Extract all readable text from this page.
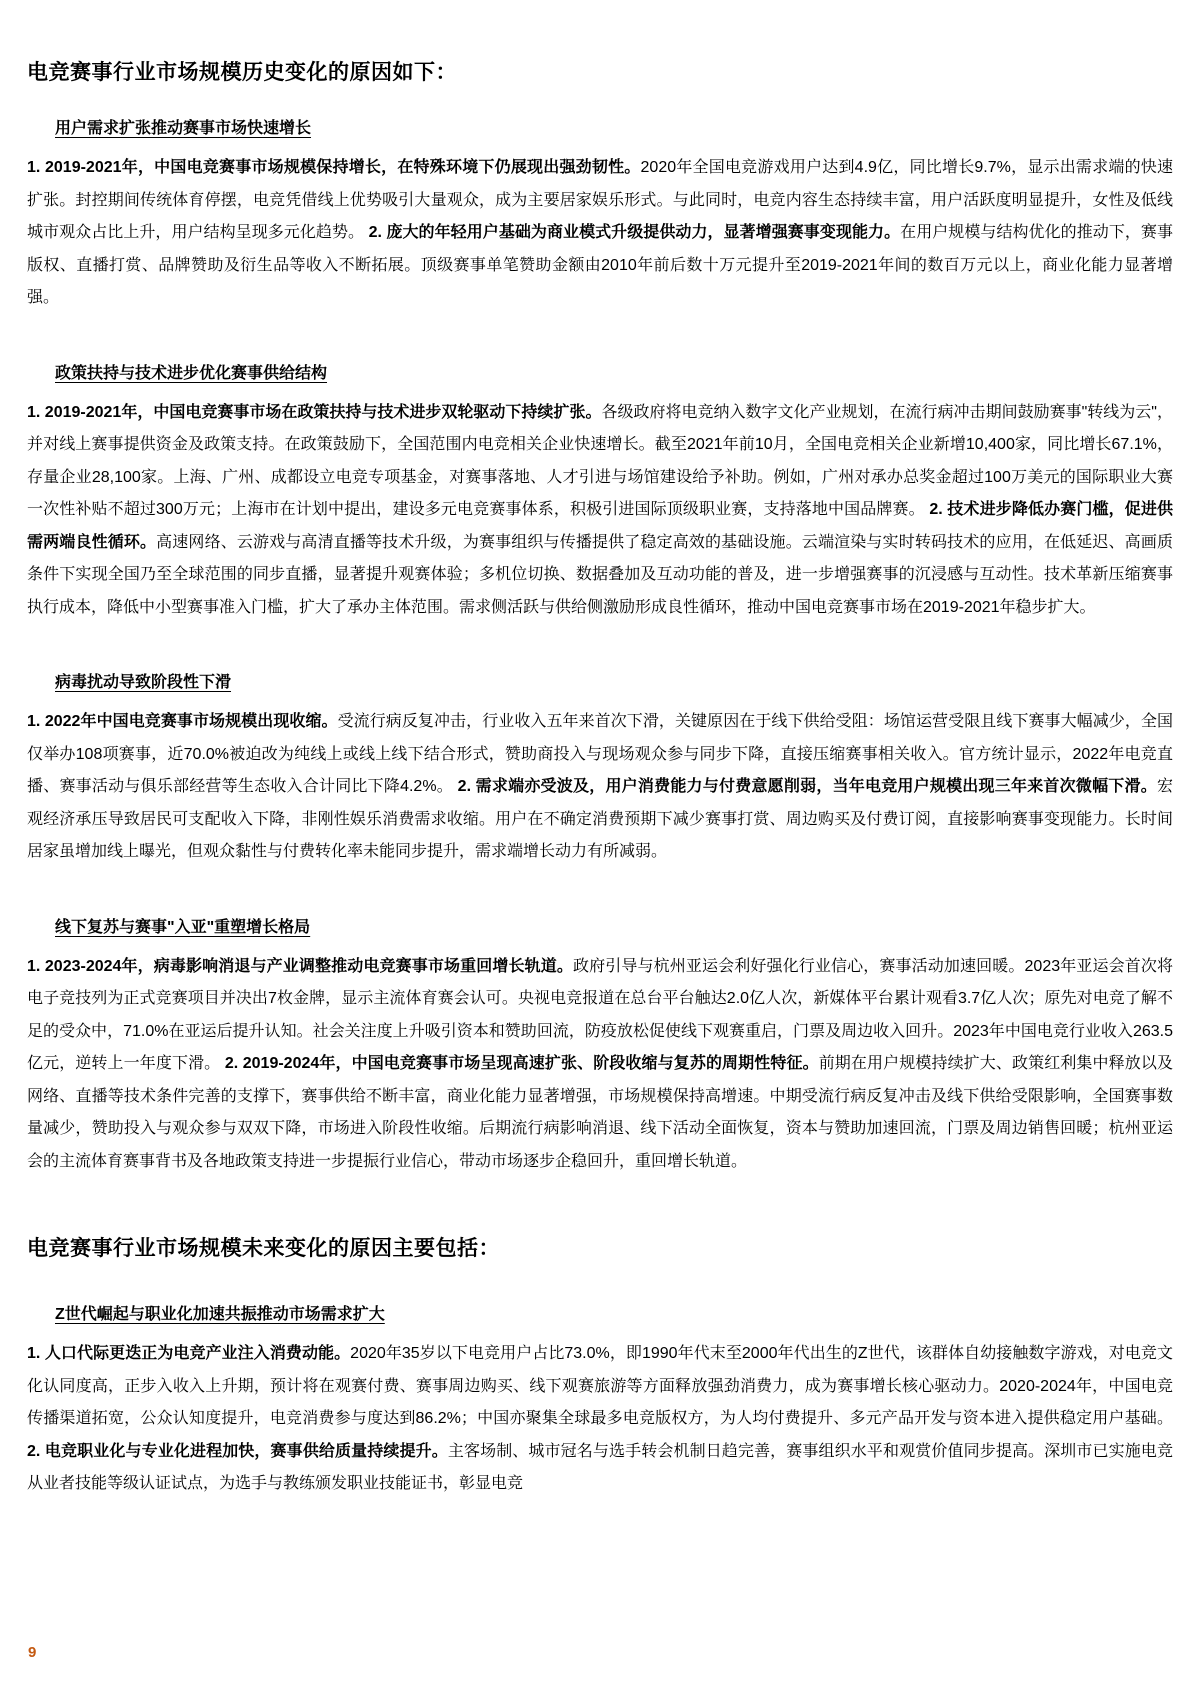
电竞赛事行业市场规模历史变化的原因如下：
用户需求扩张推动赛事市场快速增长

1. 2019-2021年，中国电竞赛事市场规模保持增长，在特殊环境下仍展现出强劲韧性。2020年全国电竞游戏用户达到4.9亿，同比增长9.7%，显示出需求端的快速扩张。封控期间传统体育停摆，电竞凭借线上优势吸引大量观众，成为主要居家娱乐形式。与此同时，电竞内容生态持续丰富，用户活跃度明显提升，女性及低线城市观众占比上升，用户结构呈现多元化趋势。 2. 庞大的年轻用户基础为商业模式升级提供动力，显著增强赛事变现能力。在用户规模与结构优化的推动下，赛事版权、直播打赏、品牌赞助及衍生品等收入不断拓展。顶级赛事单笔赞助金额由2010年前后数十万元提升至2019-2021年间的数百万元以上，商业化能力显著增强。

政策扶持与技术进步优化赛事供给结构

1. 2019-2021年，中国电竞赛事市场在政策扶持与技术进步双轮驱动下持续扩张。各级政府将电竞纳入数字文化产业规划，在流行病冲击期间鼓励赛事"转线为云"，并对线上赛事提供资金及政策支持。在政策鼓励下，全国范围内电竞相关企业快速增长。截至2021年前10月，全国电竞相关企业新增10,400家，同比增长67.1%，存量企业28,100家。上海、广州、成都设立电竞专项基金，对赛事落地、人才引进与场馆建设给予补助。例如，广州对承办总奖金超过100万美元的国际职业大赛一次性补贴不超过300万元；上海市在计划中提出，建设多元电竞赛事体系，积极引进国际顶级职业赛，支持落地中国品牌赛。 2. 技术进步降低办赛门槛，促进供需两端良性循环。高速网络、云游戏与高清直播等技术升级，为赛事组织与传播提供了稳定高效的基础设施。云端渲染与实时转码技术的应用，在低延迟、高画质条件下实现全国乃至全球范围的同步直播，显著提升观赛体验；多机位切换、数据叠加及互动功能的普及，进一步增强赛事的沉浸感与互动性。技术革新压缩赛事执行成本，降低中小型赛事准入门槛，扩大了承办主体范围。需求侧活跃与供给侧激励形成良性循环，推动中国电竞赛事市场在2019-2021年稳步扩大。

病毒扰动导致阶段性下滑

1. 2022年中国电竞赛事市场规模出现收缩。受流行病反复冲击，行业收入五年来首次下滑，关键原因在于线下供给受阻：场馆运营受限且线下赛事大幅减少，全国仅举办108项赛事，近70.0%被迫改为纯线上或线上线下结合形式，赞助商投入与现场观众参与同步下降，直接压缩赛事相关收入。官方统计显示，2022年电竞直播、赛事活动与俱乐部经营等生态收入合计同比下降4.2%。 2. 需求端亦受波及，用户消费能力与付费意愿削弱，当年电竞用户规模出现三年来首次微幅下滑。宏观经济承压导致居民可支配收入下降，非刚性娱乐消费需求收缩。用户在不确定消费预期下减少赛事打赏、周边购买及付费订阅，直接影响赛事变现能力。长时间居家虽增加线上曝光，但观众黏性与付费转化率未能同步提升，需求端增长动力有所减弱。

线下复苏与赛事"入亚"重塑增长格局

1. 2023-2024年，病毒影响消退与产业调整推动电竞赛事市场重回增长轨道。政府引导与杭州亚运会利好强化行业信心，赛事活动加速回暖。2023年亚运会首次将电子竞技列为正式竞赛项目并决出7枚金牌，显示主流体育赛会认可。央视电竞报道在总台平台触达2.0亿人次，新媒体平台累计观看3.7亿人次；原先对电竞了解不足的受众中，71.0%在亚运后提升认知。社会关注度上升吸引资本和赞助回流，防疫放松促使线下观赛重启，门票及周边收入回升。2023年中国电竞行业收入263.5亿元，逆转上一年度下滑。 2. 2019-2024年，中国电竞赛事市场呈现高速扩张、阶段收缩与复苏的周期性特征。前期在用户规模持续扩大、政策红利集中释放以及网络、直播等技术条件完善的支撑下，赛事供给不断丰富，商业化能力显著增强，市场规模保持高增速。中期受流行病反复冲击及线下供给受限影响，全国赛事数量减少，赞助投入与观众参与双双下降，市场进入阶段性收缩。后期流行病影响消退、线下活动全面恢复，资本与赞助加速回流，门票及周边销售回暖；杭州亚运会的主流体育赛事背书及各地政策支持进一步提振行业信心，带动市场逐步企稳回升，重回增长轨道。

电竞赛事行业市场规模未来变化的原因主要包括：
Z世代崛起与职业化加速共振推动市场需求扩大

1. 人口代际更迭正为电竞产业注入消费动能。2020年35岁以下电竞用户占比73.0%，即1990年代末至2000年代出生的Z世代，该群体自幼接触数字游戏，对电竞文化认同度高，正步入收入上升期，预计将在观赛付费、赛事周边购买、线下观赛旅游等方面释放强劲消费力，成为赛事增长核心驱动力。2020-2024年，中国电竞传播渠道拓宽，公众认知度提升，电竞消费参与度达到86.2%；中国亦聚集全球最多电竞版权方，为人均付费提升、多元产品开发与资本进入提供稳定用户基础。 2. 电竞职业化与专业化进程加快，赛事供给质量持续提升。主客场制、城市冠名与选手转会机制日趋完善，赛事组织水平和观赏价值同步提高。深圳市已实施电竞从业者技能等级认证试点，为选手与教练颁发职业技能证书，彰显电竞

9
